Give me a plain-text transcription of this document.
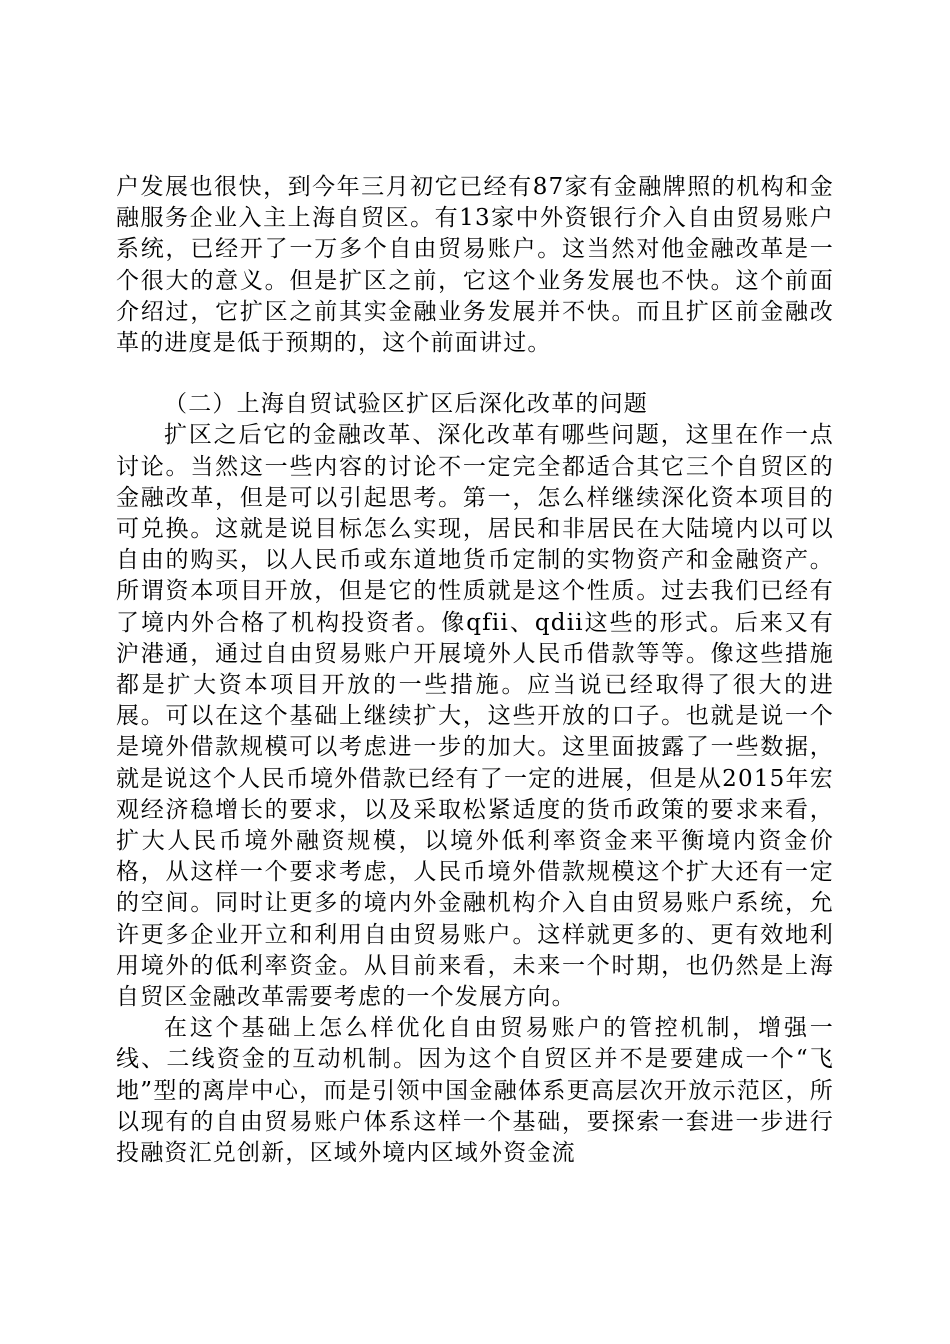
户发展也很快，到今年三月初它已经有87家有金融牌照的机构和金融服务企业入主上海自贸区。有13家中外资银行介入自由贸易账户系统，已经开了一万多个自由贸易账户。这当然对他金融改革是一个很大的意义。但是扩区之前，它这个业务发展也不快。这个前面介绍过，它扩区之前其实金融业务发展并不快。而且扩区前金融改革的进度是低于预期的，这个前面讲过。

（二）上海自贸试验区扩区后深化改革的问题

扩区之后它的金融改革、深化改革有哪些问题，这里在作一点讨论。当然这一些内容的讨论不一定完全都适合其它三个自贸区的金融改革，但是可以引起思考。第一，怎么样继续深化资本项目的可兑换。这就是说目标怎么实现，居民和非居民在大陆境内以可以自由的购买，以人民币或东道地货币定制的实物资产和金融资产。所谓资本项目开放，但是它的性质就是这个性质。过去我们已经有了境内外合格了机构投资者。像qfii、qdii这些的形式。后来又有沪港通，通过自由贸易账户开展境外人民币借款等等。像这些措施都是扩大资本项目开放的一些措施。应当说已经取得了很大的进展。可以在这个基础上继续扩大，这些开放的口子。也就是说一个是境外借款规模可以考虑进一步的加大。这里面披露了一些数据，就是说这个人民币境外借款已经有了一定的进展，但是从2015年宏观经济稳增长的要求，以及采取松紧适度的货币政策的要求来看，扩大人民币境外融资规模，以境外低利率资金来平衡境内资金价格，从这样一个要求考虑，人民币境外借款规模这个扩大还有一定的空间。同时让更多的境内外金融机构介入自由贸易账户系统，允许更多企业开立和利用自由贸易账户。这样就更多的、更有效地利用境外的低利率资金。从目前来看，未来一个时期，也仍然是上海自贸区金融改革需要考虑的一个发展方向。

在这个基础上怎么样优化自由贸易账户的管控机制，增强一线、二线资金的互动机制。因为这个自贸区并不是要建成一个“飞地”型的离岸中心，而是引领中国金融体系更高层次开放示范区，所以现有的自由贸易账户体系这样一个基础，要探索一套进一步进行投融资汇兑创新，区域外境内区域外资金流
